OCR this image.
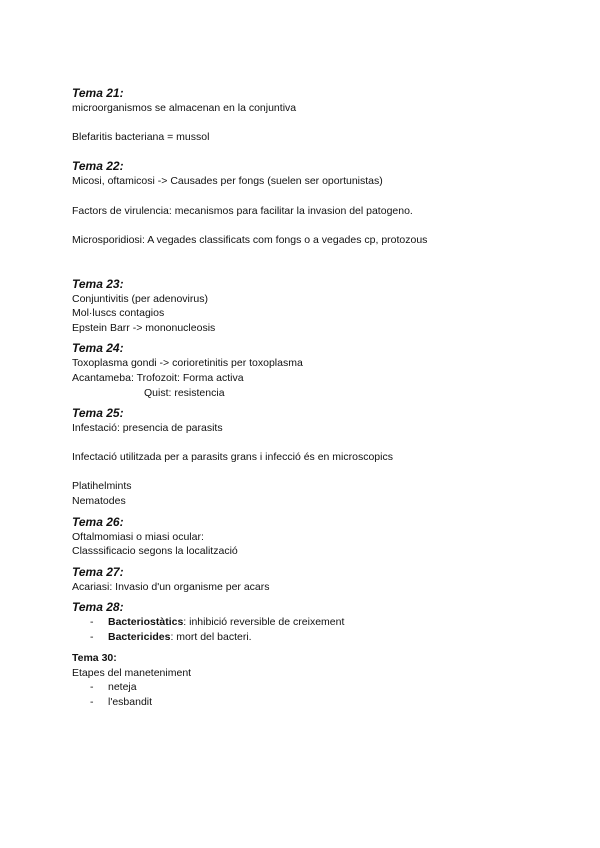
Tema 21:

microorganismos se almacenan en la conjuntiva

Blefaritis bacteriana = mussol

Tema 22:

Micosi, oftamicosi -> Causades per fongs (suelen ser oportunistas)

Factors de virulencia: mecanismos para facilitar la invasion del patogeno.

Microsporidiosi: A vegades classificats com fongs o a vegades cp, protozous

Tema 23:

Conjuntivitis (per adenovirus)

Mol·luscs contagios

Epstein Barr -> mononucleosis

Tema 24:

Toxoplasma gondi -> corioretinitis per toxoplasma

Acantameba: Trofozoit: Forma activa

Quist: resistencia

Tema 25:

Infestació: presencia de parasits

Infectació utilitzada per a parasits grans i infecció és en microscopics

Platihelmints

Nematodes

Tema 26:

Oftalmomiasi o miasi ocular:

Classsificacio segons la localització

Tema 27:

Acariasi: Invasio d'un organisme per acars

Tema 28:

- Bacteriostàtics: inhibició reversible de creixement
- Bactericides: mort del bacteri.

Tema 30:

Etapes del maneteniment

- neteja
- l'esbandit
